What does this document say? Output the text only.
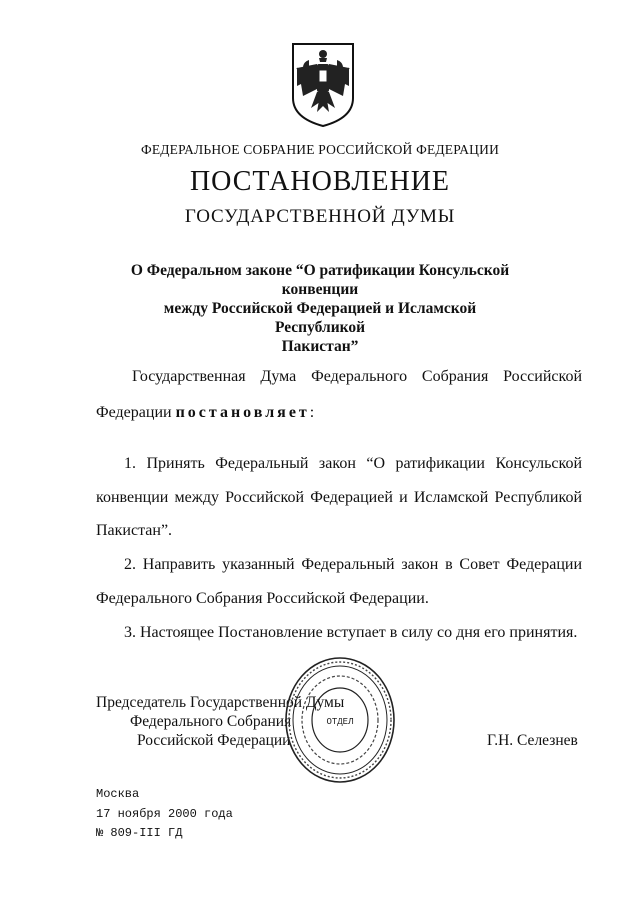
ФЕДЕРАЛЬНОЕ СОБРАНИЕ РОССИЙСКОЙ ФЕДЕРАЦИИ
ПОСТАНОВЛЕНИЕ
ГОСУДАРСТВЕННОЙ ДУМЫ
О Федеральном законе “О ратификации Консульской конвенции
между Российской Федерацией и Исламской Республикой
Пакистан”
Государственная Дума Федерального Собрания Российской
Федерации постановляет:
1. Принять Федеральный закон “О ратификации Консульской
конвенции между Российской Федерацией и Исламской Республикой
Пакистан”.
2. Направить указанный Федеральный закон в Совет Федерации
Федерального Собрания Российской Федерации.
3. Настоящее Постановление вступает в силу со дня его принятия.
Председатель Государственной Думы
Федерального Собрания
Российской Федерации	Г.Н. Селезнев
ОТДЕЛ
Москва
17 ноября 2000 года
№ 809-III ГД
